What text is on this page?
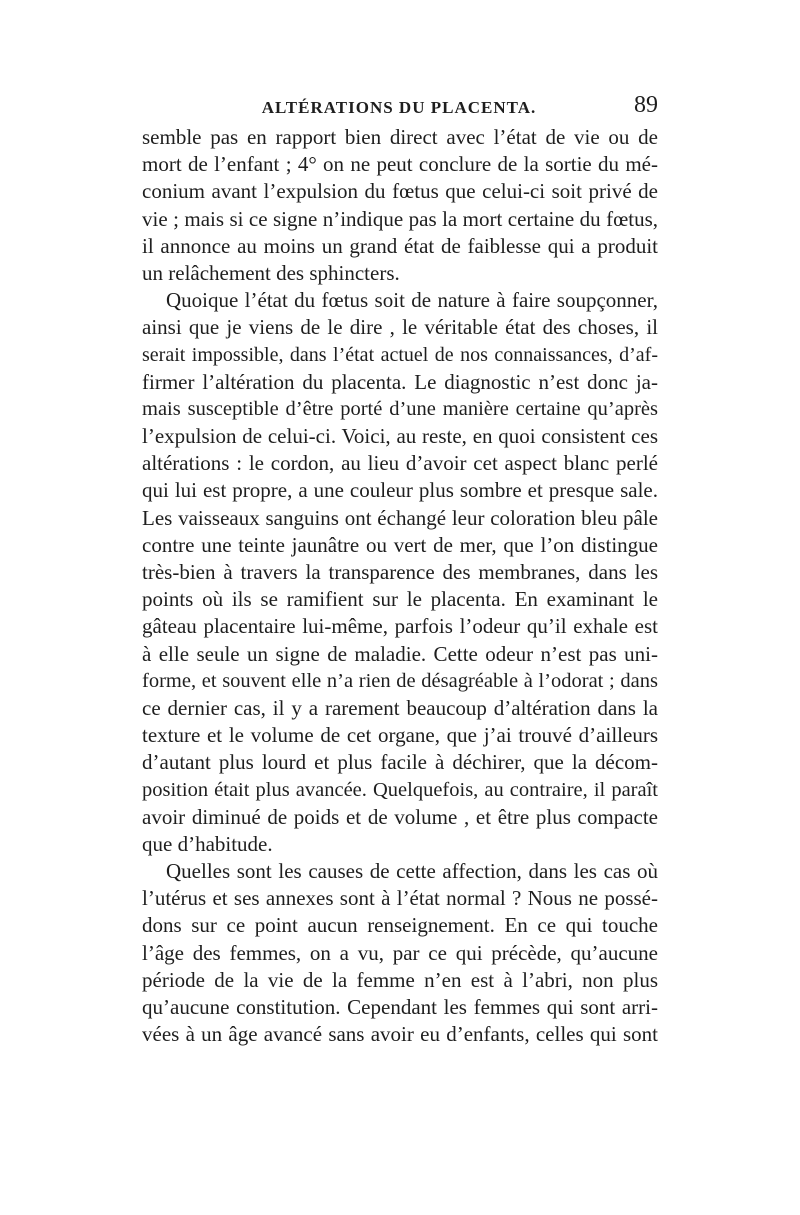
ALTÉRATIONS DU PLACENTA.	89
semble pas en rapport bien direct avec l’état de vie ou de
mort de l’enfant ; 4° on ne peut conclure de la sortie du mé-
conium avant l’expulsion du fœtus que celui-ci soit privé de
vie ; mais si ce signe n’indique pas la mort certaine du fœtus,
il annonce au moins un grand état de faiblesse qui a produit
un relâchement des sphincters.
Quoique l’état du fœtus soit de nature à faire soupçonner,
ainsi que je viens de le dire , le véritable état des choses, il
serait impossible, dans l’état actuel de nos connaissances, d’af-
firmer l’altération du placenta. Le diagnostic n’est donc ja-
mais susceptible d’être porté d’une manière certaine qu’après
l’expulsion de celui-ci. Voici, au reste, en quoi consistent ces
altérations : le cordon, au lieu d’avoir cet aspect blanc perlé
qui lui est propre, a une couleur plus sombre et presque sale.
Les vaisseaux sanguins ont échangé leur coloration bleu pâle
contre une teinte jaunâtre ou vert de mer, que l’on distingue
très-bien à travers la transparence des membranes, dans les
points où ils se ramifient sur le placenta. En examinant le
gâteau placentaire lui-même, parfois l’odeur qu’il exhale est
à elle seule un signe de maladie. Cette odeur n’est pas uni-
forme, et souvent elle n’a rien de désagréable à l’odorat ; dans
ce dernier cas, il y a rarement beaucoup d’altération dans la
texture et le volume de cet organe, que j’ai trouvé d’ailleurs
d’autant plus lourd et plus facile à déchirer, que la décom-
position était plus avancée. Quelquefois, au contraire, il paraît
avoir diminué de poids et de volume , et être plus compacte
que d’habitude.
Quelles sont les causes de cette affection, dans les cas où
l’utérus et ses annexes sont à l’état normal ? Nous ne possé-
dons sur ce point aucun renseignement. En ce qui touche
l’âge des femmes, on a vu, par ce qui précède, qu’aucune
période de la vie de la femme n’en est à l’abri, non plus
qu’aucune constitution. Cependant les femmes qui sont arri-
vées à un âge avancé sans avoir eu d’enfants, celles qui sont
